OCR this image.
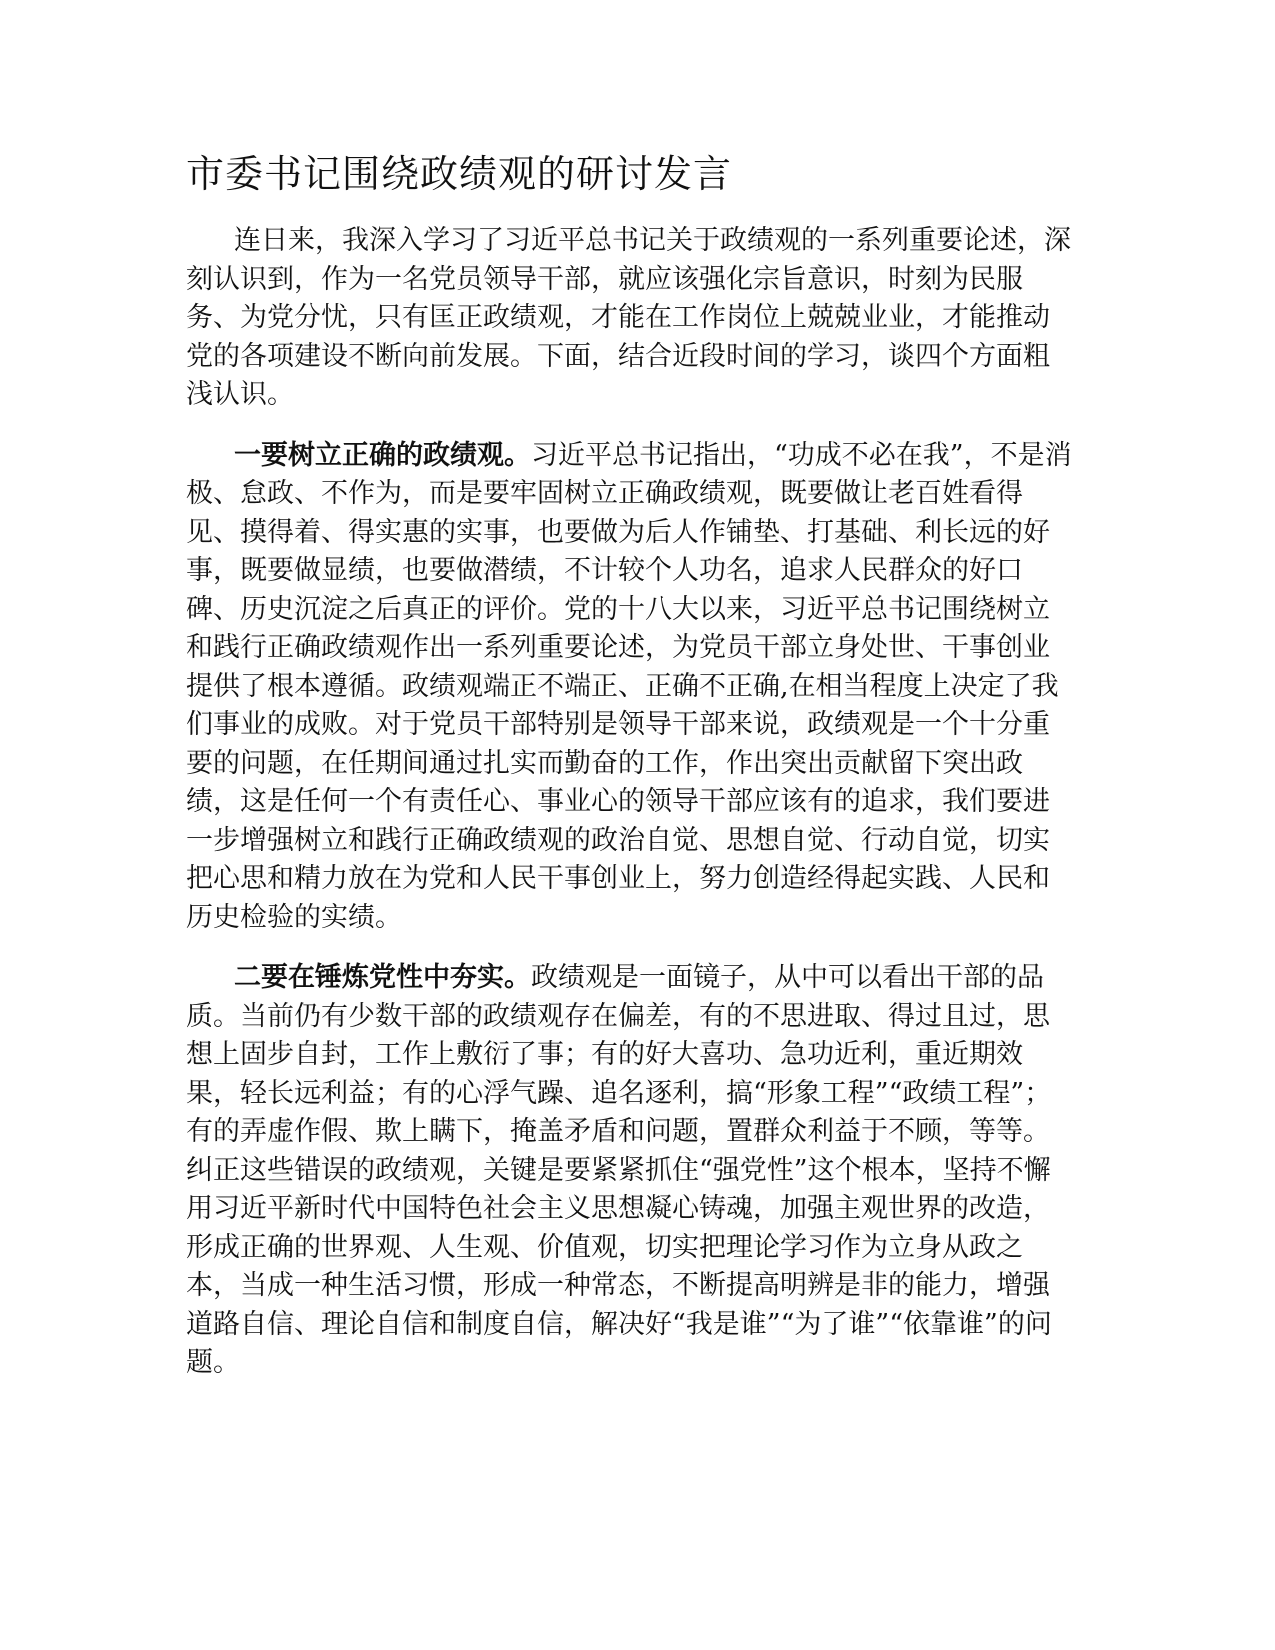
市委书记围绕政绩观的研讨发言

连日来，我深入学习了习近平总书记关于政绩观的一系列重要论述，深刻认识到，作为一名党员领导干部，就应该强化宗旨意识，时刻为民服务、为党分忧，只有匡正政绩观，才能在工作岗位上兢兢业业，才能推动党的各项建设不断向前发展。下面，结合近段时间的学习，谈四个方面粗浅认识。

一要树立正确的政绩观。习近平总书记指出，“功成不必在我”，不是消极、怠政、不作为，而是要牢固树立正确政绩观，既要做让老百姓看得见、摸得着、得实惠的实事，也要做为后人作铺垫、打基础、利长远的好事，既要做显绩，也要做潜绩，不计较个人功名，追求人民群众的好口碑、历史沉淀之后真正的评价。党的十八大以来，习近平总书记围绕树立和践行正确政绩观作出一系列重要论述，为党员干部立身处世、干事创业提供了根本遵循。政绩观端正不端正、正确不正确,在相当程度上决定了我们事业的成败。对于党员干部特别是领导干部来说，政绩观是一个十分重要的问题，在任期间通过扎实而勤奋的工作，作出突出贡献留下突出政绩，这是任何一个有责任心、事业心的领导干部应该有的追求，我们要进一步增强树立和践行正确政绩观的政治自觉、思想自觉、行动自觉，切实把心思和精力放在为党和人民干事创业上，努力创造经得起实践、人民和历史检验的实绩。

二要在锤炼党性中夯实。政绩观是一面镜子，从中可以看出干部的品质。当前仍有少数干部的政绩观存在偏差，有的不思进取、得过且过，思想上固步自封，工作上敷衍了事；有的好大喜功、急功近利，重近期效果，轻长远利益；有的心浮气躁、追名逐利，搞“形象工程”“政绩工程”；有的弄虚作假、欺上瞒下，掩盖矛盾和问题，置群众利益于不顾，等等。纠正这些错误的政绩观，关键是要紧紧抓住“强党性”这个根本，坚持不懈用习近平新时代中国特色社会主义思想凝心铸魂，加强主观世界的改造，形成正确的世界观、人生观、价值观，切实把理论学习作为立身从政之本，当成一种生活习惯，形成一种常态，不断提高明辨是非的能力，增强道路自信、理论自信和制度自信，解决好“我是谁”“为了谁”“依靠谁”的问题。
